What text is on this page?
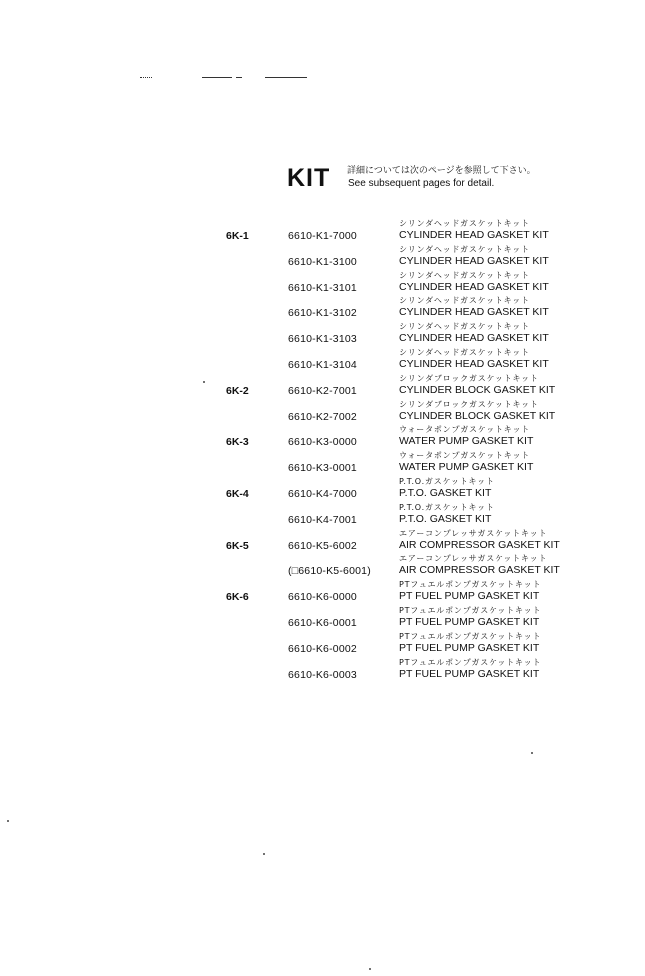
KIT 詳細については次のページを参照して下さい。
See subsequent pages for detail.
6K-1	6610-K1-7000
シリンダヘッドガスケットキット
CYLINDER HEAD GASKET KIT
6610-K1-3100
シリンダヘッドガスケットキット
CYLINDER HEAD GASKET KIT
6610-K1-3101
シリンダヘッドガスケットキット
CYLINDER HEAD GASKET KIT
6610-K1-3102
シリンダヘッドガスケットキット
CYLINDER HEAD GASKET KIT
6610-K1-3103
シリンダヘッドガスケットキット
CYLINDER HEAD GASKET KIT
6610-K1-3104
シリンダヘッドガスケットキット
CYLINDER HEAD GASKET KIT
6K-2	6610-K2-7001
シリンダブロックガスケットキット
CYLINDER BLOCK GASKET KIT
6610-K2-7002
シリンダブロックガスケットキット
CYLINDER BLOCK GASKET KIT
6K-3	6610-K3-0000
ウォータポンプガスケットキット
WATER PUMP GASKET KIT
6610-K3-0001
ウォータポンプガスケットキット
WATER PUMP GASKET KIT
6K-4	6610-K4-7000
P.T.O.ガスケットキット
P.T.O. GASKET KIT
6610-K4-7001
P.T.O.ガスケットキット
P.T.O. GASKET KIT
6K-5	6610-K5-6002
エアーコンプレッサガスケットキット
AIR COMPRESSOR GASKET KIT
(□6610-K5-6001)
エアーコンプレッサガスケットキット
AIR COMPRESSOR GASKET KIT
6K-6	6610-K6-0000
PTフュエルポンプガスケットキット
PT FUEL PUMP GASKET KIT
6610-K6-0001
PTフュエルポンプガスケットキット
PT FUEL PUMP GASKET KIT
6610-K6-0002
PTフュエルポンプガスケットキット
PT FUEL PUMP GASKET KIT
6610-K6-0003
PTフュエルポンプガスケットキット
PT FUEL PUMP GASKET KIT
